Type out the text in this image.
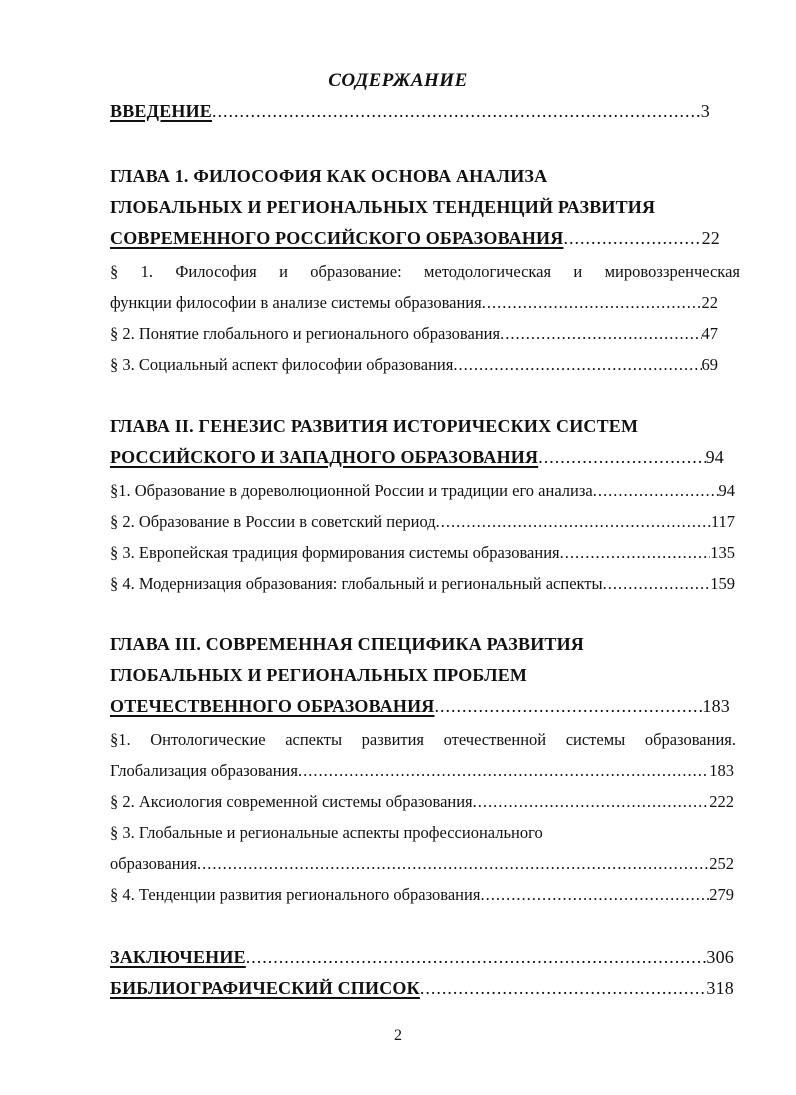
СОДЕРЖАНИЕ
ВВЕДЕНИЕ .....	3
ГЛАВА 1. ФИЛОСОФИЯ КАК ОСНОВА АНАЛИЗА
ГЛОБАЛЬНЫХ И РЕГИОНАЛЬНЫХ ТЕНДЕНЦИЙ РАЗВИТИЯ
СОВРЕМЕННОГО РОССИЙСКОГО ОБРАЗОВАНИЯ .....	22
§ 1. Философия и образование: методологическая и мировоззренческая
функции философии в анализе системы образования .....	22
§ 2. Понятие глобального и регионального образования .....	47
§ 3. Социальный аспект философии образования .....	69
ГЛАВА II. ГЕНЕЗИС РАЗВИТИЯ ИСТОРИЧЕСКИХ СИСТЕМ
РОССИЙСКОГО И ЗАПАДНОГО ОБРАЗОВАНИЯ .....	94
§1. Образование в дореволюционной России и традиции его анализа .....	94
§ 2. Образование в России в советский период .....	117
§ 3. Европейская традиция формирования системы образования .....	135
§ 4. Модернизация образования: глобальный и региональный аспекты .....	159
ГЛАВА III. СОВРЕМЕННАЯ СПЕЦИФИКА РАЗВИТИЯ
ГЛОБАЛЬНЫХ И РЕГИОНАЛЬНЫХ ПРОБЛЕМ
ОТЕЧЕСТВЕННОГО ОБРАЗОВАНИЯ .....	183
§1. Онтологические аспекты развития отечественной системы образования.
Глобализация образования .....	183
§ 2. Аксиология современной системы образования .....	222
§ 3. Глобальные и региональные аспекты профессионального
образования .....	252
§ 4. Тенденции развития регионального образования .....	279
ЗАКЛЮЧЕНИЕ .....	306
БИБЛИОГРАФИЧЕСКИЙ СПИСОК .....	318
2
